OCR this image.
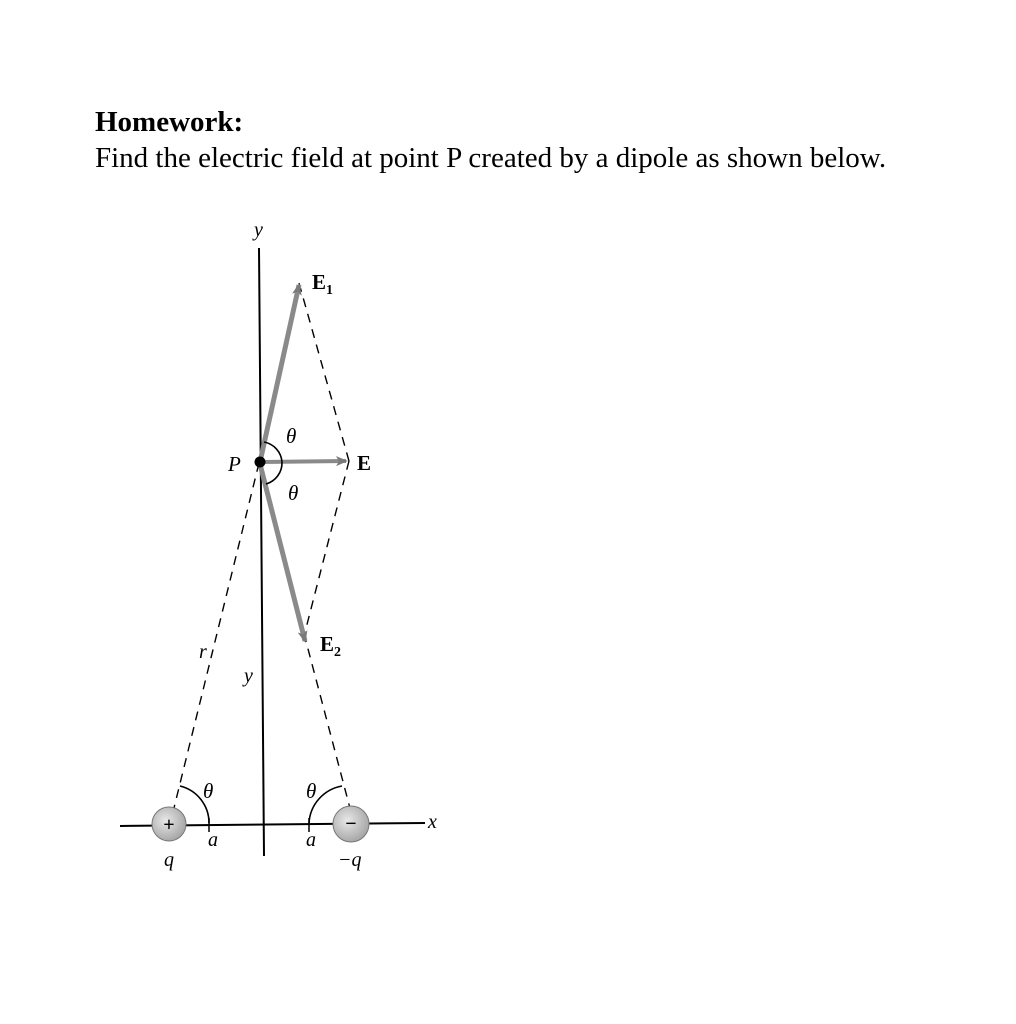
Homework:
Find the electric field at point P created by a dipole as shown below.
+	−
y
x
P
$E_1$
E
$E_2$
θ
θ
θ	θ
r
y
a	a
q	−q
